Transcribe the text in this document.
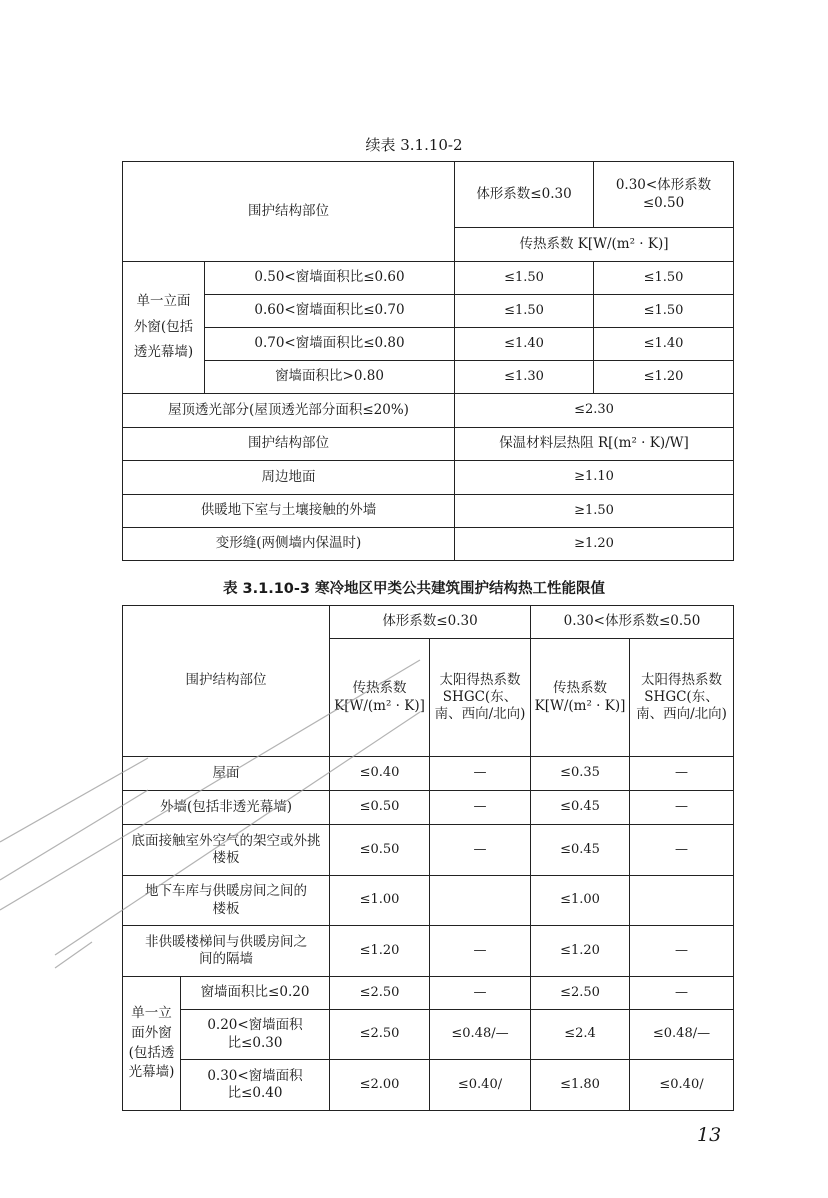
续表 3.1.10-2
围护结构部位		体形系数≤0.30	0.30<体形系数≤0.50
		传热系数 K[W/(m² · K)]	
单一立面外窗(包括透光幕墙)	0.50<窗墙面积比≤0.60	≤1.50	≤1.50
	0.60<窗墙面积比≤0.70	≤1.50	≤1.50
	0.70<窗墙面积比≤0.80	≤1.40	≤1.40
	窗墙面积比>0.80	≤1.30	≤1.20
屋顶透光部分(屋顶透光部分面积≤20%)		≤2.30	
围护结构部位		保温材料层热阻 R[(m² · K)/W]	
周边地面		≥1.10	
供暖地下室与土壤接触的外墙		≥1.50	
变形缝(两侧墙内保温时)		≥1.20	
表 3.1.10-3 寒冷地区甲类公共建筑围护结构热工性能限值
围护结构部位		体形系数≤0.30		0.30<体形系数≤0.50	
		传热系数 K[W/(m² · K)]	太阳得热系数 SHGC(东、南、西向/北向)	传热系数 K[W/(m² · K)]	太阳得热系数 SHGC(东、南、西向/北向)
屋面		≤0.40	—	≤0.35	—
外墙(包括非透光幕墙)		≤0.50	—	≤0.45	—
底面接触室外空气的架空或外挑楼板		≤0.50	—	≤0.45	—
地下车库与供暖房间之间的楼板		≤1.00		≤1.00	
非供暖楼梯间与供暖房间之间的隔墙		≤1.20	—	≤1.20	—
单一立面外窗(包括透光幕墙)	窗墙面积比≤0.20	≤2.50	—	≤2.50	—
	0.20<窗墙面积比≤0.30	≤2.50	≤0.48/—	≤2.4	≤0.48/—
	0.30<窗墙面积比≤0.40	≤2.00	≤0.40/	≤1.80	≤0.40/
13
